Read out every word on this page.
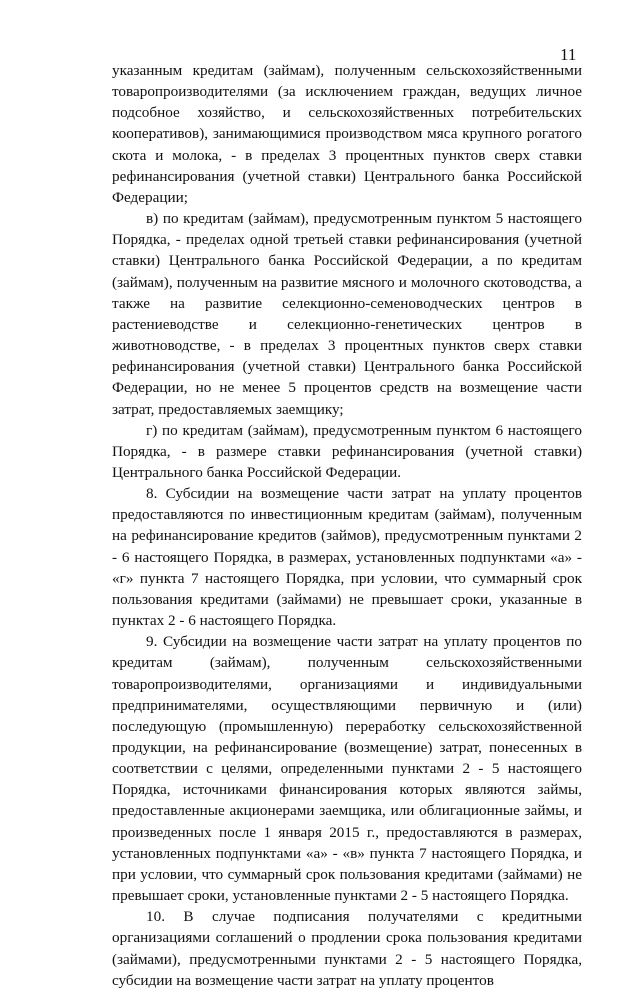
11

указанным кредитам (займам), полученным сельскохозяйственными товаропроизводителями (за исключением граждан, ведущих личное подсобное хозяйство, и сельскохозяйственных потребительских кооперативов), занимающимися производством мяса крупного рогатого скота и молока, - в пределах 3 процентных пунктов сверх ставки рефинансирования (учетной ставки) Центрального банка Российской Федерации;

в) по кредитам (займам), предусмотренным пунктом 5 настоящего Порядка, - пределах одной третьей ставки рефинансирования (учетной ставки) Центрального банка Российской Федерации, а по кредитам (займам), полученным на развитие мясного и молочного скотоводства, а также на развитие селекционно-семеноводческих центров в растениеводстве и селекционно-генетических центров в животноводстве, - в пределах 3 процентных пунктов сверх ставки рефинансирования (учетной ставки) Центрального банка Российской Федерации, но не менее 5 процентов средств на возмещение части затрат, предоставляемых заемщику;

г) по кредитам (займам), предусмотренным пунктом 6 настоящего Порядка, - в размере ставки рефинансирования (учетной ставки) Центрального банка Российской Федерации.

8. Субсидии на возмещение части затрат на уплату процентов предоставляются по инвестиционным кредитам (займам), полученным на рефинансирование кредитов (займов), предусмотренным пунктами 2 - 6 настоящего Порядка, в размерах, установленных подпунктами «а» - «г» пункта 7 настоящего Порядка, при условии, что суммарный срок пользования кредитами (займами) не превышает сроки, указанные в пунктах 2 - 6 настоящего Порядка.

9. Субсидии на возмещение части затрат на уплату процентов по кредитам (займам), полученным сельскохозяйственными товаропроизводителями, организациями и индивидуальными предпринимателями, осуществляющими первичную и (или) последующую (промышленную) переработку сельскохозяйственной продукции, на рефинансирование (возмещение) затрат, понесенных в соответствии с целями, определенными пунктами 2 - 5 настоящего Порядка, источниками финансирования которых являются займы, предоставленные акционерами заемщика, или облигационные займы, и произведенных после 1 января 2015 г., предоставляются в размерах, установленных подпунктами «а» - «в» пункта 7 настоящего Порядка, и при условии, что суммарный срок пользования кредитами (займами) не превышает сроки, установленные пунктами 2 - 5 настоящего Порядка.

10. В случае подписания получателями с кредитными организациями соглашений о продлении срока пользования кредитами (займами), предусмотренными пунктами 2 - 5 настоящего Порядка, субсидии на возмещение части затрат на уплату процентов
